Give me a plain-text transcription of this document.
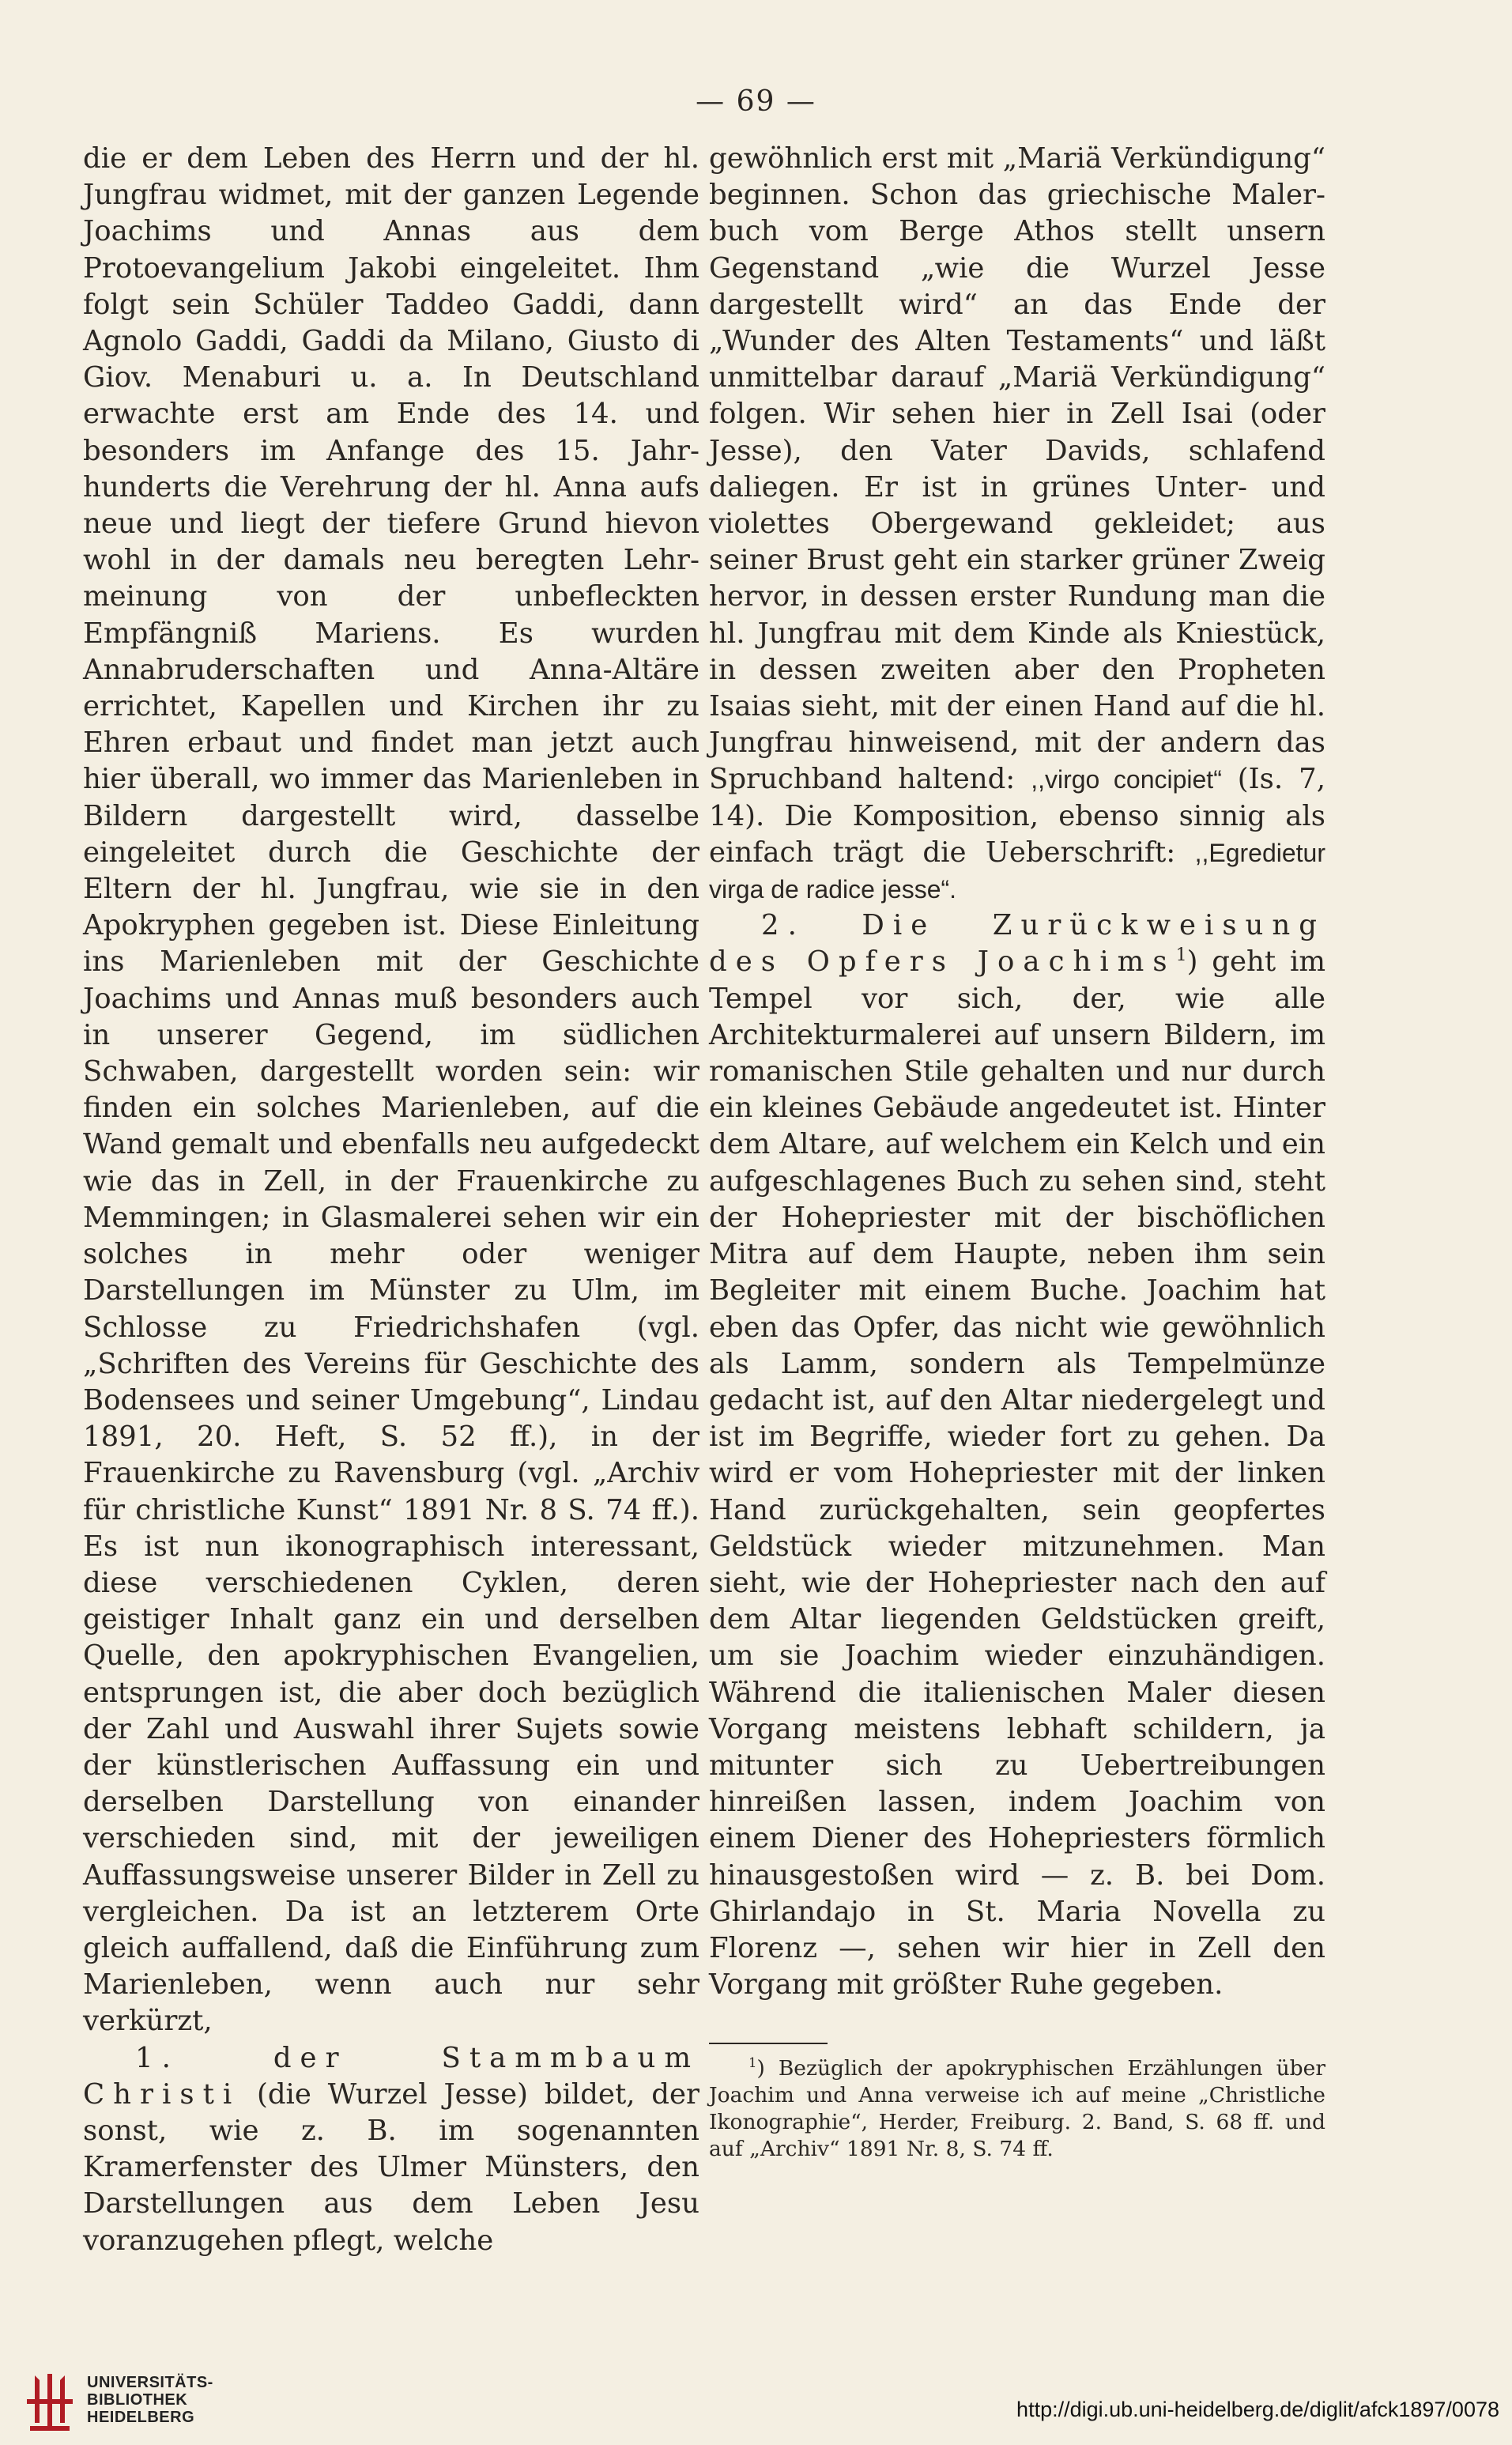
— 69 —

die er dem Leben des Herrn und der hl. Jungfrau widmet, mit der ganzen Legende Joachims und Annas aus dem Protoevangelium Jakobi eingeleitet. Ihm folgt sein Schüler Taddeo Gaddi, dann Agnolo Gaddi, Gaddi da Milano, Giusto di Giov. Menaburi u. a. In Deutschland erwachte erst am Ende des 14. und besonders im Anfange des 15. Jahrhunderts die Verehrung der hl. Anna aufs neue und liegt der tiefere Grund hievon wohl in der damals neu beregten Lehrmeinung von der unbefleckten Empfängniß Mariens. Es wurden Annabruderschaften und Anna-Altäre errichtet, Kapellen und Kirchen ihr zu Ehren erbaut und findet man jetzt auch hier überall, wo immer das Marienleben in Bildern dargestellt wird, dasselbe eingeleitet durch die Geschichte der Eltern der hl. Jungfrau, wie sie in den Apokryphen gegeben ist. Diese Einleitung ins Marienleben mit der Geschichte Joachims und Annas muß besonders auch in unserer Gegend, im südlichen Schwaben, dargestellt worden sein: wir finden ein solches Marienleben, auf die Wand gemalt und ebenfalls neu aufgedeckt wie das in Zell, in der Frauenkirche zu Memmingen; in Glasmalerei sehen wir ein solches in mehr oder weniger Darstellungen im Münster zu Ulm, im Schlosse zu Friedrichshafen (vgl. „Schriften des Vereins für Geschichte des Bodensees und seiner Umgebung“, Lindau 1891, 20. Heft, S. 52 ff.), in der Frauenkirche zu Ravensburg (vgl. „Archiv für christliche Kunst“ 1891 Nr. 8 S. 74 ff.). Es ist nun ikonographisch interessant, diese verschiedenen Cyklen, deren geistiger Inhalt ganz ein und derselben Quelle, den apokryphischen Evangelien, entsprungen ist, die aber doch bezüglich der Zahl und Auswahl ihrer Sujets sowie der künstlerischen Auffassung ein und derselben Darstellung von einander verschieden sind, mit der jeweiligen Auffassungsweise unserer Bilder in Zell zu vergleichen. Da ist an letzterem Orte gleich auffallend, daß die Einführung zum Marienleben, wenn auch nur sehr verkürzt,

1. der Stammbaum Christi (die Wurzel Jesse) bildet, der sonst, wie z. B. im sogenannten Kramerfenster des Ulmer Münsters, den Darstellungen aus dem Leben Jesu voranzugehen pflegt, welche

gewöhnlich erst mit „Mariä Verkündigung“ beginnen. Schon das griechische Malerbuch vom Berge Athos stellt unsern Gegenstand „wie die Wurzel Jesse dargestellt wird“ an das Ende der „Wunder des Alten Testaments“ und läßt unmittelbar darauf „Mariä Verkündigung“ folgen. Wir sehen hier in Zell Isai (oder Jesse), den Vater Davids, schlafend daliegen. Er ist in grünes Unter- und violettes Obergewand gekleidet; aus seiner Brust geht ein starker grüner Zweig hervor, in dessen erster Rundung man die hl. Jungfrau mit dem Kinde als Kniestück, in dessen zweiten aber den Propheten Isaias sieht, mit der einen Hand auf die hl. Jungfrau hinweisend, mit der andern das Spruchband haltend: ,,virgo concipiet“ (Is. 7, 14). Die Komposition, ebenso sinnig als einfach trägt die Ueberschrift: ,,Egredietur virga de radice jesse“.

2. Die Zurückweisung des Opfers Joachims$^1$) geht im Tempel vor sich, der, wie alle Architekturmalerei auf unsern Bildern, im romanischen Stile gehalten und nur durch ein kleines Gebäude angedeutet ist. Hinter dem Altare, auf welchem ein Kelch und ein aufgeschlagenes Buch zu sehen sind, steht der Hohepriester mit der bischöflichen Mitra auf dem Haupte, neben ihm sein Begleiter mit einem Buche. Joachim hat eben das Opfer, das nicht wie gewöhnlich als Lamm, sondern als Tempelmünze gedacht ist, auf den Altar niedergelegt und ist im Begriffe, wieder fort zu gehen. Da wird er vom Hohepriester mit der linken Hand zurückgehalten, sein geopfertes Geldstück wieder mitzunehmen. Man sieht, wie der Hohepriester nach den auf dem Altar liegenden Geldstücken greift, um sie Joachim wieder einzuhändigen. Während die italienischen Maler diesen Vorgang meistens lebhaft schildern, ja mitunter sich zu Uebertreibungen hinreißen lassen, indem Joachim von einem Diener des Hohepriesters förmlich hinausgestoßen wird — z. B. bei Dom. Ghirlandajo in St. Maria Novella zu Florenz —, sehen wir hier in Zell den Vorgang mit größter Ruhe gegeben.

$^1$) Bezüglich der apokryphischen Erzählungen über Joachim und Anna verweise ich auf meine „Christliche Ikonographie“, Herder, Freiburg. 2. Band, S. 68 ff. und auf „Archiv“ 1891 Nr. 8, S. 74 ff.

UNIVERSITÄTS-
BIBLIOTHEK
HEIDELBERG	http://digi.ub.uni-heidelberg.de/diglit/afck1897/0078
